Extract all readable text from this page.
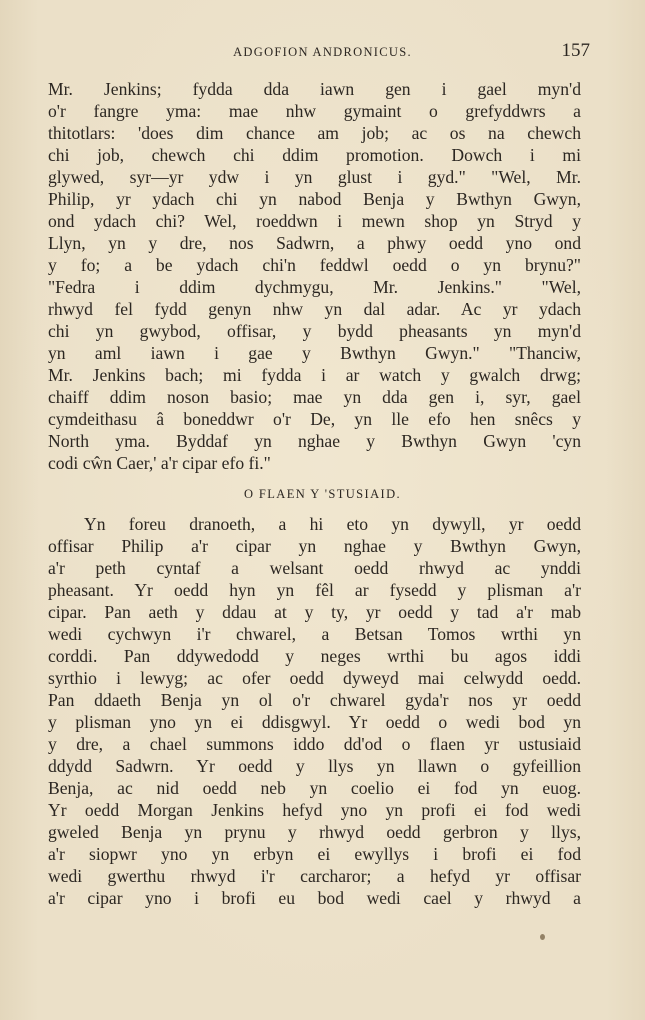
ADGOFION ANDRONICUS.	157
Mr. Jenkins; fydda dda iawn gen i gael myn'd
o'r fangre yma: mae nhw gymaint o grefyddwrs a
thitotlars: 'does dim chance am job; ac os na chewch
chi job, chewch chi ddim promotion. Dowch i mi
glywed, syr—yr ydw i yn glust i gyd." "Wel, Mr.
Philip, yr ydach chi yn nabod Benja y Bwthyn Gwyn,
ond ydach chi? Wel, roeddwn i mewn shop yn Stryd y
Llyn, yn y dre, nos Sadwrn, a phwy oedd yno ond
y fo; a be ydach chi'n feddwl oedd o yn brynu?"
"Fedra i ddim dychmygu, Mr. Jenkins." "Wel,
rhwyd fel fydd genyn nhw yn dal adar. Ac yr ydach
chi yn gwybod, offisar, y bydd pheasants yn myn'd
yn aml iawn i gae y Bwthyn Gwyn." "Thanciw,
Mr. Jenkins bach; mi fydda i ar watch y gwalch drwg;
chaiff ddim noson basio; mae yn dda gen i, syr, gael
cymdeithasu â boneddwr o'r De, yn lle efo hen snêcs y
North yma. Byddaf yn nghae y Bwthyn Gwyn 'cyn
codi cŵn Caer,' a'r cipar efo fi."
O FLAEN Y 'STUSIAID.
Yn foreu dranoeth, a hi eto yn dywyll, yr oedd
offisar Philip a'r cipar yn nghae y Bwthyn Gwyn,
a'r peth cyntaf a welsant oedd rhwyd ac ynddi
pheasant. Yr oedd hyn yn fêl ar fysedd y plisman a'r
cipar. Pan aeth y ddau at y ty, yr oedd y tad a'r mab
wedi cychwyn i'r chwarel, a Betsan Tomos wrthi yn
corddi. Pan ddywedodd y neges wrthi bu agos iddi
syrthio i lewyg; ac ofer oedd dyweyd mai celwydd oedd.
Pan ddaeth Benja yn ol o'r chwarel gyda'r nos yr oedd
y plisman yno yn ei ddisgwyl. Yr oedd o wedi bod yn
y dre, a chael summons iddo dd'od o flaen yr ustusiaid
ddydd Sadwrn. Yr oedd y llys yn llawn o gyfeillion
Benja, ac nid oedd neb yn coelio ei fod yn euog.
Yr oedd Morgan Jenkins hefyd yno yn profi ei fod wedi
gweled Benja yn prynu y rhwyd oedd gerbron y llys,
a'r siopwr yno yn erbyn ei ewyllys i brofi ei fod
wedi gwerthu rhwyd i'r carcharor; a hefyd yr offisar
a'r cipar yno i brofi eu bod wedi cael y rhwyd a
